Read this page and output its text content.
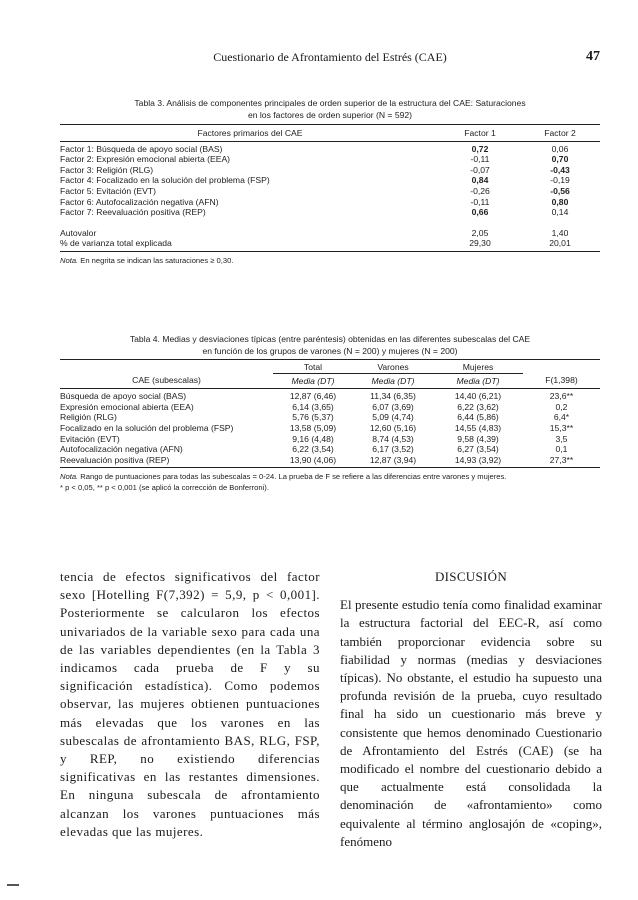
Cuestionario de Afrontamiento del Estrés (CAE)	47
Tabla 3. Análisis de componentes principales de orden superior de la estructura del CAE: Saturaciones
en los factores de orden superior (N = 592)
Factores primarios del CAE	Factor 1	Factor 2
Factor 1: Búsqueda de apoyo social (BAS)	0,72	0,06
Factor 2: Expresión emocional abierta (EEA)	-0,11	0,70
Factor 3: Religión (RLG)	-0,07	-0,43
Factor 4: Focalizado en la solución del problema (FSP)	0,84	-0,19
Factor 5: Evitación (EVT)	-0,26	-0,56
Factor 6: Autofocalización negativa (AFN)	-0,11	0,80
Factor 7: Reevaluación positiva (REP)	0,66	0,14
Autovalor	2,05	1,40
% de varianza total explicada	29,30	20,01
Nota. En negrita se indican las saturaciones ≥ 0,30.
Tabla 4. Medias y desviaciones típicas (entre paréntesis) obtenidas en las diferentes subescalas del CAE
en función de los grupos de varones (N = 200) y mujeres (N = 200)
	Total	Varones	Mujeres	
CAE (subescalas)	Media (DT)	Media (DT)	Media (DT)	F(1,398)
Búsqueda de apoyo social (BAS)	12,87 (6,46)	11,34 (6,35)	14,40 (6,21)	23,6**
Expresión emocional abierta (EEA)	6,14 (3,65)	6,07 (3,69)	6,22 (3,62)	0,2
Religión (RLG)	5,76 (5,37)	5,09 (4,74)	6,44 (5,86)	6,4*
Focalizado en la solución del problema (FSP)	13,58 (5,09)	12,60 (5,16)	14,55 (4,83)	15,3**
Evitación (EVT)	9,16 (4,48)	8,74 (4,53)	9,58 (4,39)	3,5
Autofocalización negativa (AFN)	6,22 (3,54)	6,17 (3,52)	6,27 (3,54)	0,1
Reevaluación positiva (REP)	13,90 (4,06)	12,87 (3,94)	14,93 (3,92)	27,3**
Nota. Rango de puntuaciones para todas las subescalas = 0-24. La prueba de F se refiere a las diferencias entre varones y mujeres.
* p < 0,05, ** p < 0,001 (se aplicó la corrección de Bonferroni).
tencia de efectos significativos del factor sexo [Hotelling F(7,392) = 5,9, p < 0,001]. Posteriormente se calcularon los efectos univariados de la variable sexo para cada una de las variables dependientes (en la Tabla 3 indicamos cada prueba de F y su significación estadística). Como podemos observar, las mujeres obtienen puntuaciones más elevadas que los varones en las subescalas de afrontamiento BAS, RLG, FSP, y REP, no existiendo diferencias significativas en las restantes dimensiones. En ninguna subescala de afrontamiento alcanzan los varones puntuaciones más elevadas que las mujeres.
DISCUSIÓN
El presente estudio tenía como finalidad examinar la estructura factorial del EEC-R, así como también proporcionar evidencia sobre su fiabilidad y normas (medias y desviaciones típicas). No obstante, el estudio ha supuesto una profunda revisión de la prueba, cuyo resultado final ha sido un cuestionario más breve y consistente que hemos denominado Cuestionario de Afrontamiento del Estrés (CAE) (se ha modificado el nombre del cuestionario debido a que actualmente está consolidada la denominación de «afrontamiento» como equivalente al término anglosajón de «coping», fenómeno
